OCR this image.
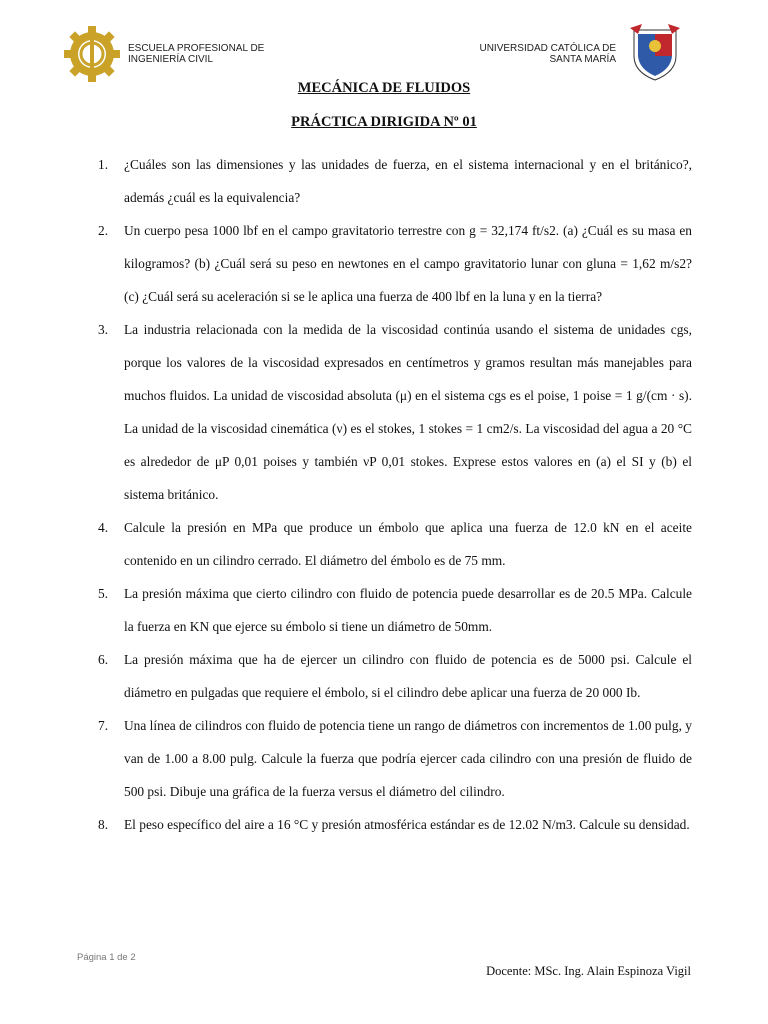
ESCUELA PROFESIONAL DE
INGENIERÍA CIVIL
UNIVERSIDAD CATÓLICA DE
SANTA MARÍA
MECÁNICA DE FLUIDOS
PRÁCTICA DIRIGIDA Nº 01
1. ¿Cuáles son las dimensiones y las unidades de fuerza, en el sistema internacional y en el británico?, además ¿cuál es la equivalencia?
2. Un cuerpo pesa 1000 lbf en el campo gravitatorio terrestre con g = 32,174 ft/s2. (a) ¿Cuál es su masa en kilogramos? (b) ¿Cuál será su peso en newtones en el campo gravitatorio lunar con gluna = 1,62 m/s2? (c) ¿Cuál será su aceleración si se le aplica una fuerza de 400 lbf en la luna y en la tierra?
3. La industria relacionada con la medida de la viscosidad continúa usando el sistema de unidades cgs, porque los valores de la viscosidad expresados en centímetros y gramos resultan más manejables para muchos fluidos. La unidad de viscosidad absoluta (μ) en el sistema cgs es el poise, 1 poise = 1 g/(cm · s). La unidad de la viscosidad cinemática (ν) es el stokes, 1 stokes = 1 cm2/s. La viscosidad del agua a 20 °C es alrededor de μP 0,01 poises y también νP 0,01 stokes. Exprese estos valores en (a) el SI y (b) el sistema británico.
4. Calcule la presión en MPa que produce un émbolo que aplica una fuerza de 12.0 kN en el aceite contenido en un cilindro cerrado. El diámetro del émbolo es de 75 mm.
5. La presión máxima que cierto cilindro con fluido de potencia puede desarrollar es de 20.5 MPa. Calcule la fuerza en KN que ejerce su émbolo si tiene un diámetro de 50mm.
6. La presión máxima que ha de ejercer un cilindro con fluido de potencia es de 5000 psi. Calcule el diámetro en pulgadas que requiere el émbolo, si el cilindro debe aplicar una fuerza de 20 000 Ib.
7. Una línea de cilindros con fluido de potencia tiene un rango de diámetros con incrementos de 1.00 pulg, y van de 1.00 a 8.00 pulg. Calcule la fuerza que podría ejercer cada cilindro con una presión de fluido de 500 psi. Dibuje una gráfica de la fuerza versus el diámetro del cilindro.
8. El peso específico del aire a 16 °C y presión atmosférica estándar es de 12.02 N/m3. Calcule su densidad.
Página 1 de 2
Docente: MSc. Ing. Alain Espinoza Vigil
